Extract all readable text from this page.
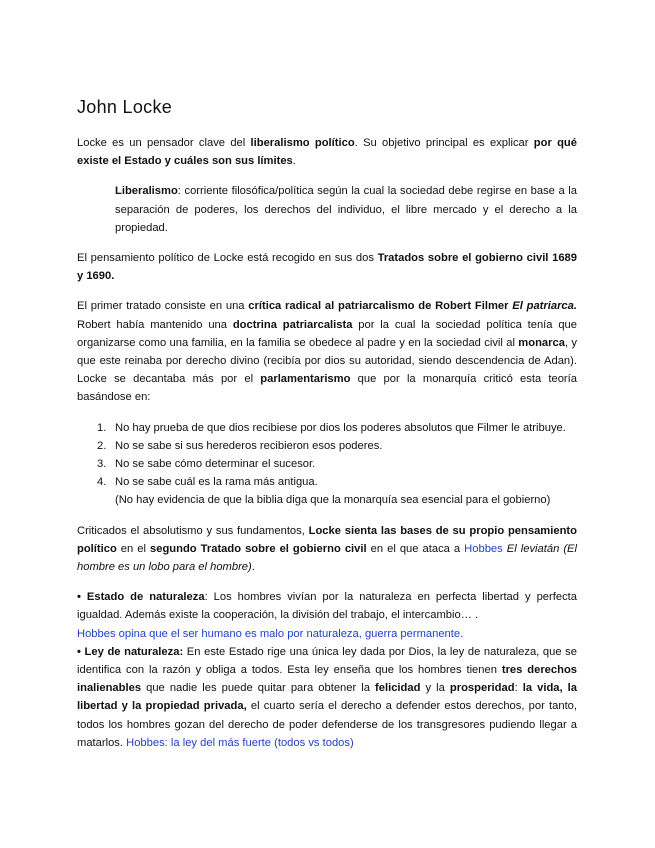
John Locke

Locke es un pensador clave del liberalismo político. Su objetivo principal es explicar por qué existe el Estado y cuáles son sus límites.

Liberalismo: corriente filosófica/política según la cual la sociedad debe regirse en base a la separación de poderes, los derechos del individuo, el libre mercado y el derecho a la propiedad.

El pensamiento político de Locke está recogido en sus dos Tratados sobre el gobierno civil 1689 y 1690.

El primer tratado consiste en una crítica radical al patriarcalismo de Robert Filmer El patriarca. Robert había mantenido una doctrina patriarcalista por la cual la sociedad política tenía que organizarse como una familia, en la familia se obedece al padre y en la sociedad civil al monarca, y que este reinaba por derecho divino (recibía por dios su autoridad, siendo descendencia de Adan). Locke se decantaba más por el parlamentarismo que por la monarquía criticó esta teoría basándose en:

1. No hay prueba de que dios recibiese por dios los poderes absolutos que Filmer le atribuye.
2. No se sabe si sus herederos recibieron esos poderes.
3. No se sabe cómo determinar el sucesor.
4. No se sabe cuál es la rama más antigua.
(No hay evidencia de que la biblia diga que la monarquía sea esencial para el gobierno)

Criticados el absolutismo y sus fundamentos, Locke sienta las bases de su propio pensamiento político en el segundo Tratado sobre el gobierno civil en el que ataca a Hobbes El leviatán (El hombre es un lobo para el hombre).

• Estado de naturaleza: Los hombres vivían por la naturaleza en perfecta libertad y perfecta igualdad. Además existe la cooperación, la división del trabajo, el intercambio… .

Hobbes opina que el ser humano es malo por naturaleza, guerra permanente.

• Ley de naturaleza: En este Estado rige una única ley dada por Dios, la ley de naturaleza, que se identifica con la razón y obliga a todos. Esta ley enseña que los hombres tienen tres derechos inalienables que nadie les puede quitar para obtener la felicidad y la prosperidad: la vida, la libertad y la propiedad privada, el cuarto sería el derecho a defender estos derechos, por tanto, todos los hombres gozan del derecho de poder defenderse de los transgresores pudiendo llegar a matarlos. Hobbes: la ley del más fuerte (todos vs todos)
